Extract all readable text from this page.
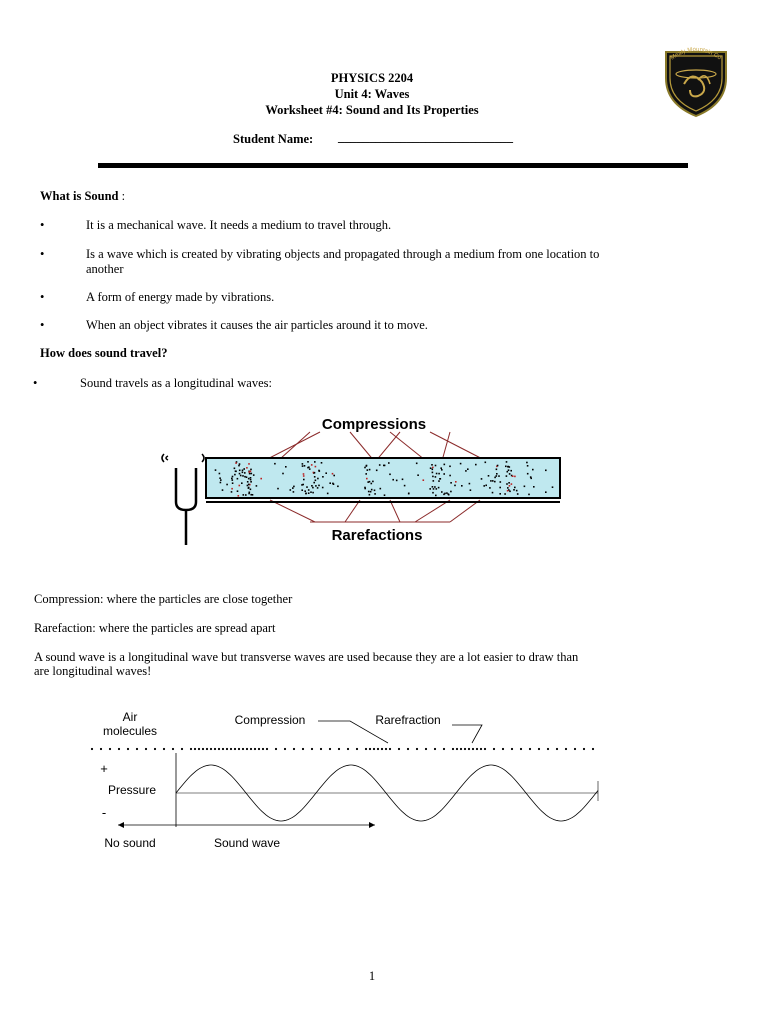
PHYSICS 2204
Unit 4: Waves
Worksheet #4: Sound and Its Properties
Student Name: ____________________________
Mealy Mountain Co
What is Sound :
•	It is a mechanical wave. It needs a medium to travel through.
•	Is a wave which is created by vibrating objects and propagated through a medium from one location to
another
•	A form of energy made by vibrations.
•	When an object vibrates it causes the air particles around it to move.
How does sound travel?
•	Sound travels as a longitudinal waves:
Compressions
Rarefactions
Compression: where the particles are close together
Rarefaction: where the particles are spread apart
A sound wave is a longitudinal wave but transverse waves are used because they are a lot easier to draw than
are longitudinal waves!
Air
molecules
Compression	Rarefraction
+
Pressure
-
No sound	Sound wave
1
